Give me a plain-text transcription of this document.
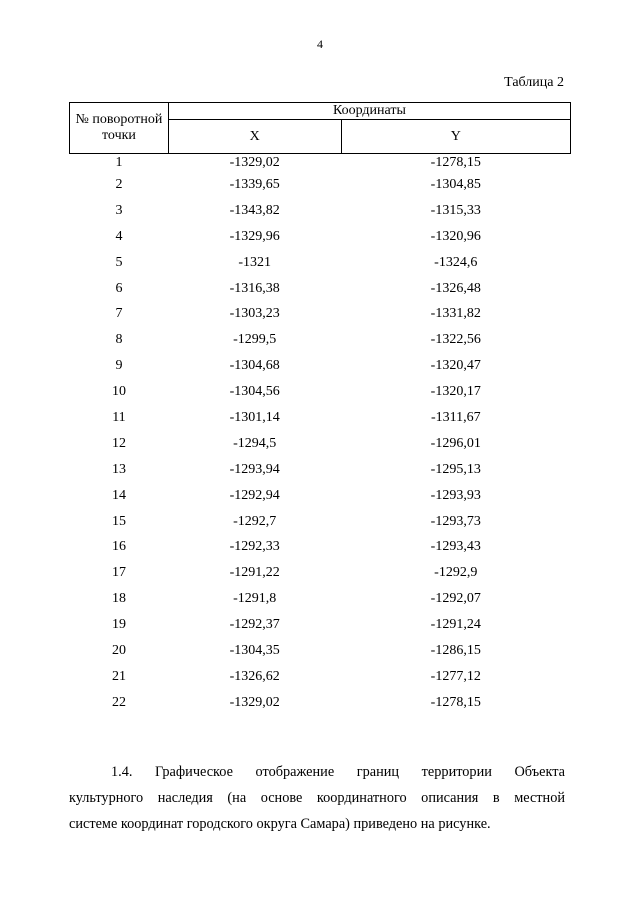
4
Таблица 2
№ поворотной точки	Координаты	
	X	Y
1	-1329,02	-1278,15
2	-1339,65	-1304,85
3	-1343,82	-1315,33
4	-1329,96	-1320,96
5	-1321	-1324,6
6	-1316,38	-1326,48
7	-1303,23	-1331,82
8	-1299,5	-1322,56
9	-1304,68	-1320,47
10	-1304,56	-1320,17
11	-1301,14	-1311,67
12	-1294,5	-1296,01
13	-1293,94	-1295,13
14	-1292,94	-1293,93
15	-1292,7	-1293,73
16	-1292,33	-1293,43
17	-1291,22	-1292,9
18	-1291,8	-1292,07
19	-1292,37	-1291,24
20	-1304,35	-1286,15
21	-1326,62	-1277,12
22	-1329,02	-1278,15
1.4. Графическое отображение границ территории Объекта
культурного наследия (на основе координатного описания в местной
системе координат городского округа Самара) приведено на рисунке.
